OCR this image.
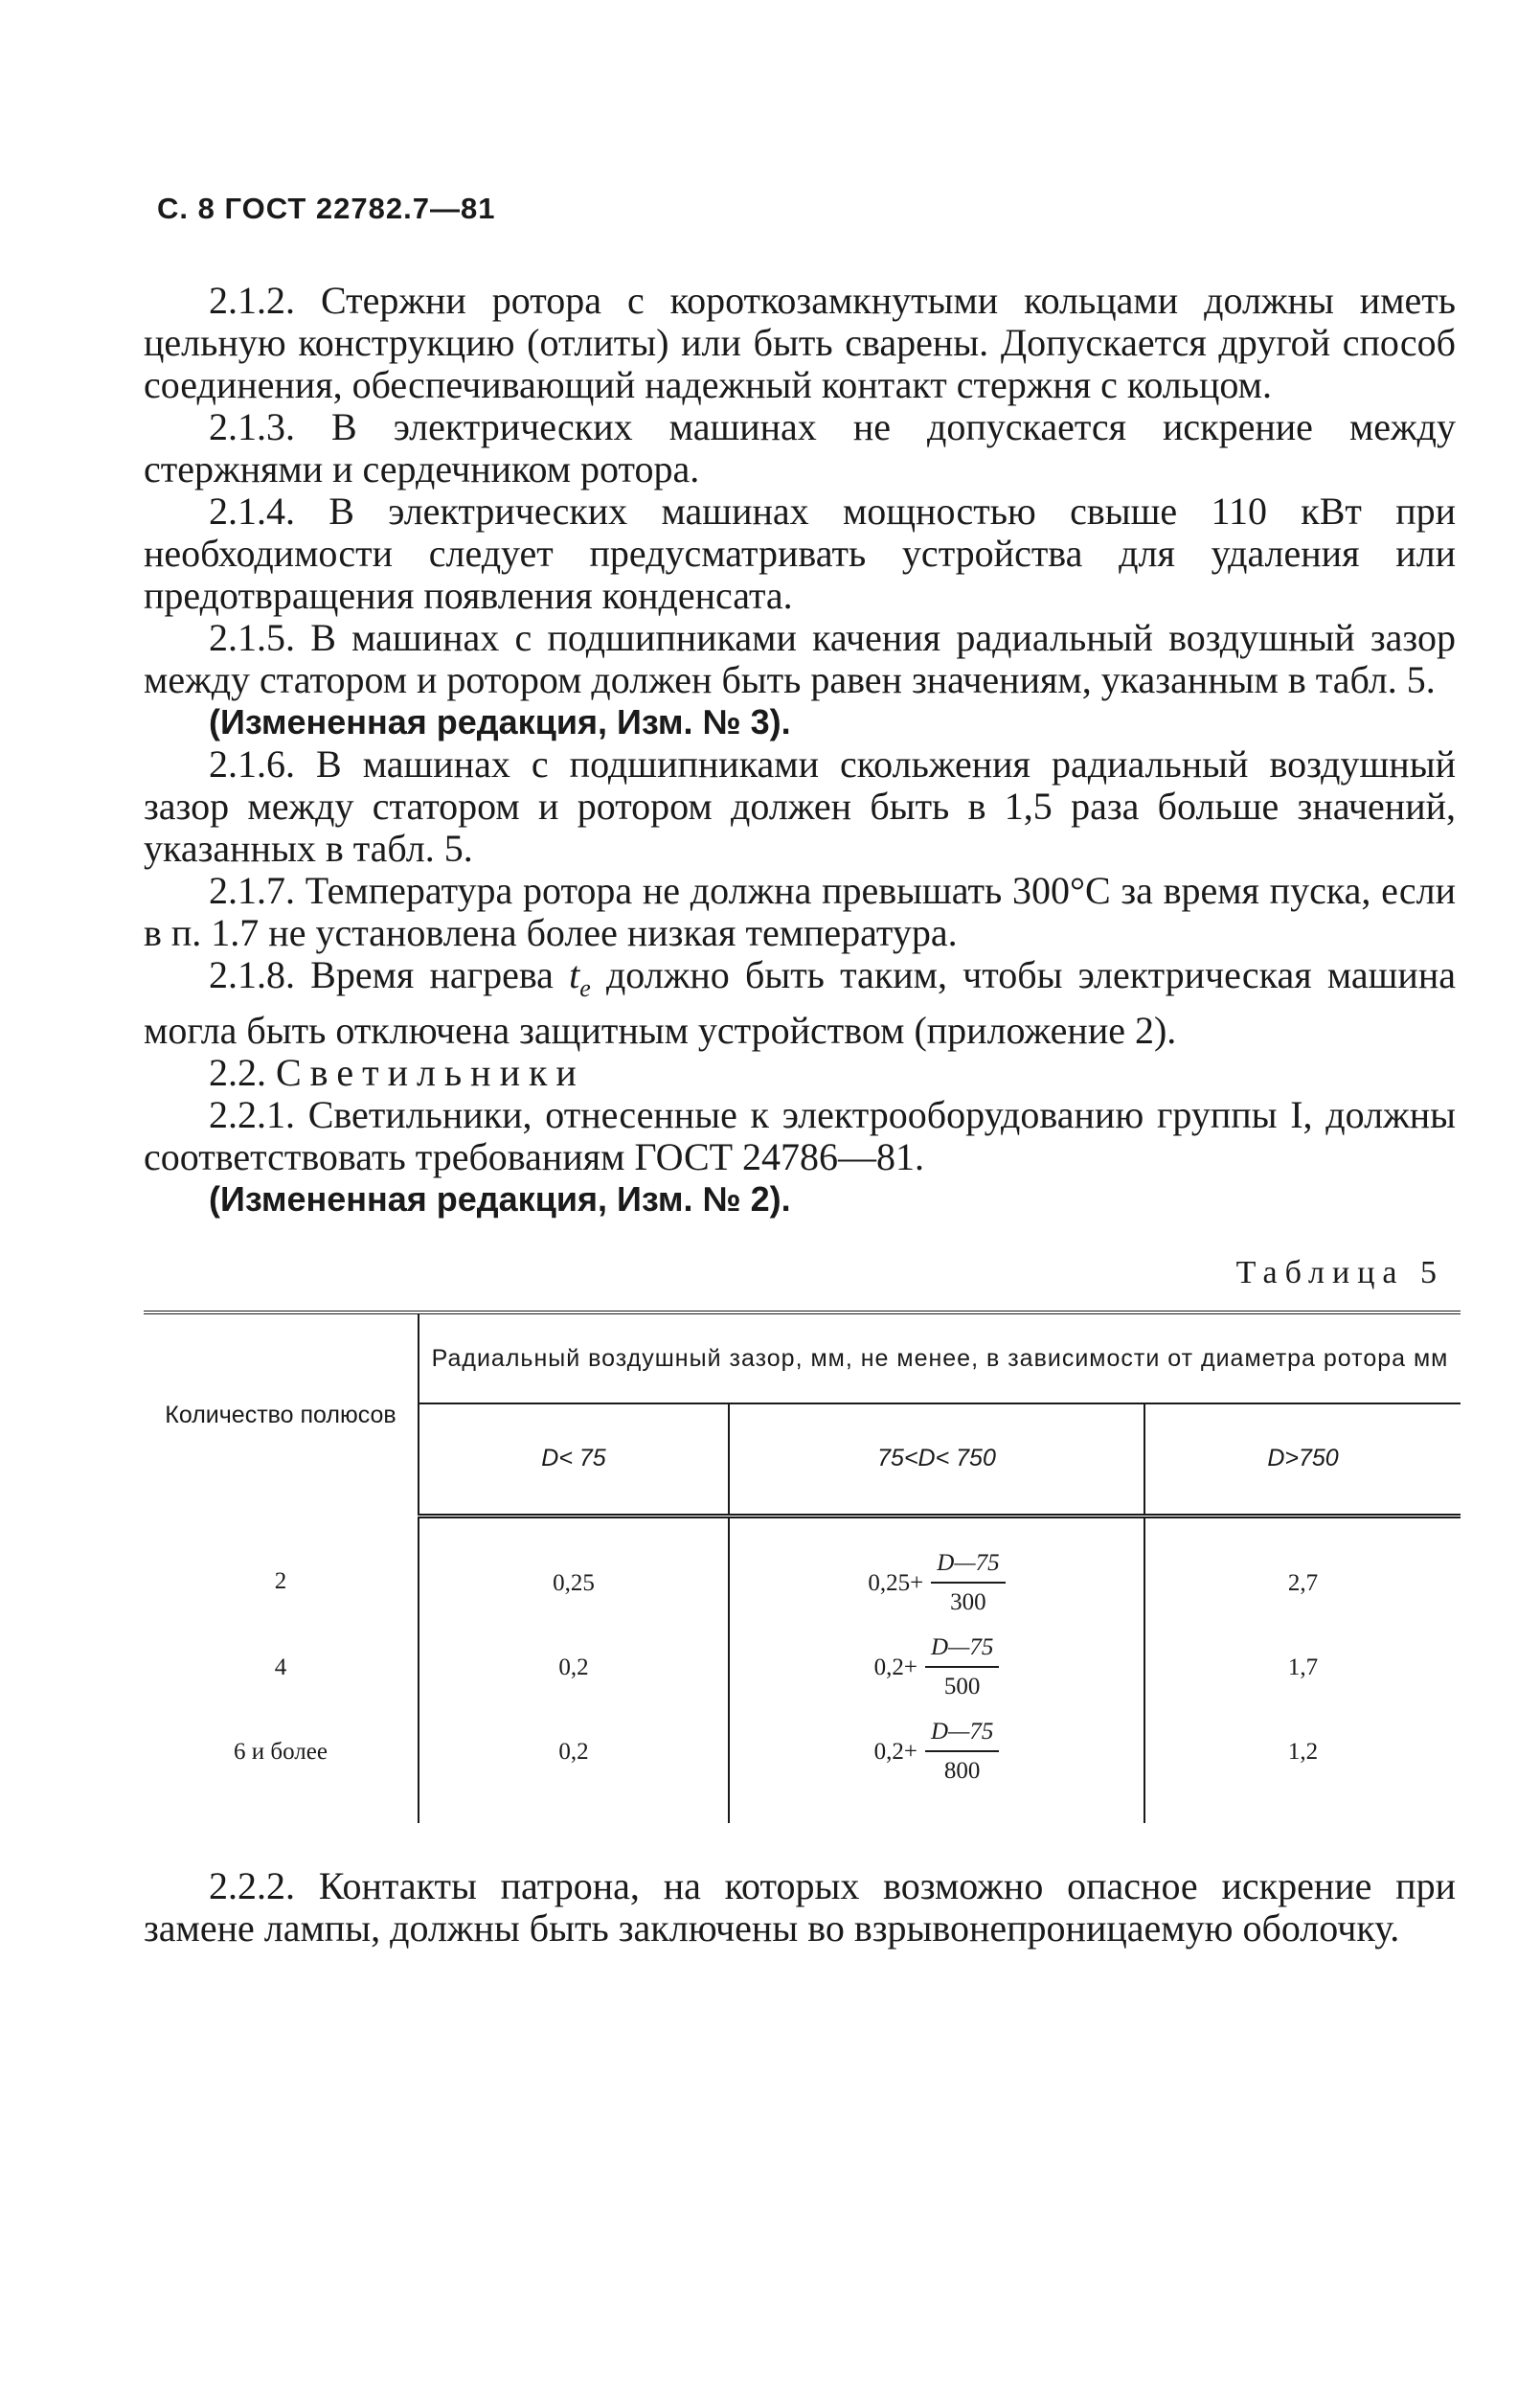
С. 8 ГОСТ 22782.7—81

2.1.2. Стержни ротора с короткозамкнутыми кольцами должны иметь цельную конструкцию (отлиты) или быть сварены. Допускается другой способ соединения, обеспечивающий надежный контакт стержня с кольцом.

2.1.3. В электрических машинах не допускается искрение между стержнями и сердечником ротора.

2.1.4. В электрических машинах мощностью свыше 110 кВт при необходимости следует предусматривать устройства для удаления или предотвращения появления конденсата.

2.1.5. В машинах с подшипниками качения радиальный воздушный зазор между статором и ротором должен быть равен значениям, указанным в табл. 5.

(Измененная редакция, Изм. № 3).

2.1.6. В машинах с подшипниками скольжения радиальный воздушный зазор между статором и ротором должен быть в 1,5 раза больше значений, указанных в табл. 5.

2.1.7. Температура ротора не должна превышать 300°С за время пуска, если в п. 1.7 не установлена более низкая температура.

2.1.8. Время нагрева $t_e$ должно быть таким, чтобы электрическая машина могла быть отключена защитным устройством (приложение 2).

2.2. Светильники

2.2.1. Светильники, отнесенные к электрооборудованию группы I, должны соответствовать требованиям ГОСТ 24786—81.

(Измененная редакция, Изм. № 2).

Таблица 5
Количество полюсов	Радиальный воздушный зазор, мм, не менее, в зависимости от диаметра ротора мм		
	D< 75	75<D< 750	D>750
2	0,25	$0,25+ \frac{D—75}{300}$	2,7
4	0,2	$0,2+ \frac{D—75}{500}$	1,7
6 и более	0,2	$0,2+ \frac{D—75}{800}$	1,2

2.2.2. Контакты патрона, на которых возможно опасное искрение при замене лампы, должны быть заключены во взрывонепроницаемую оболочку.
